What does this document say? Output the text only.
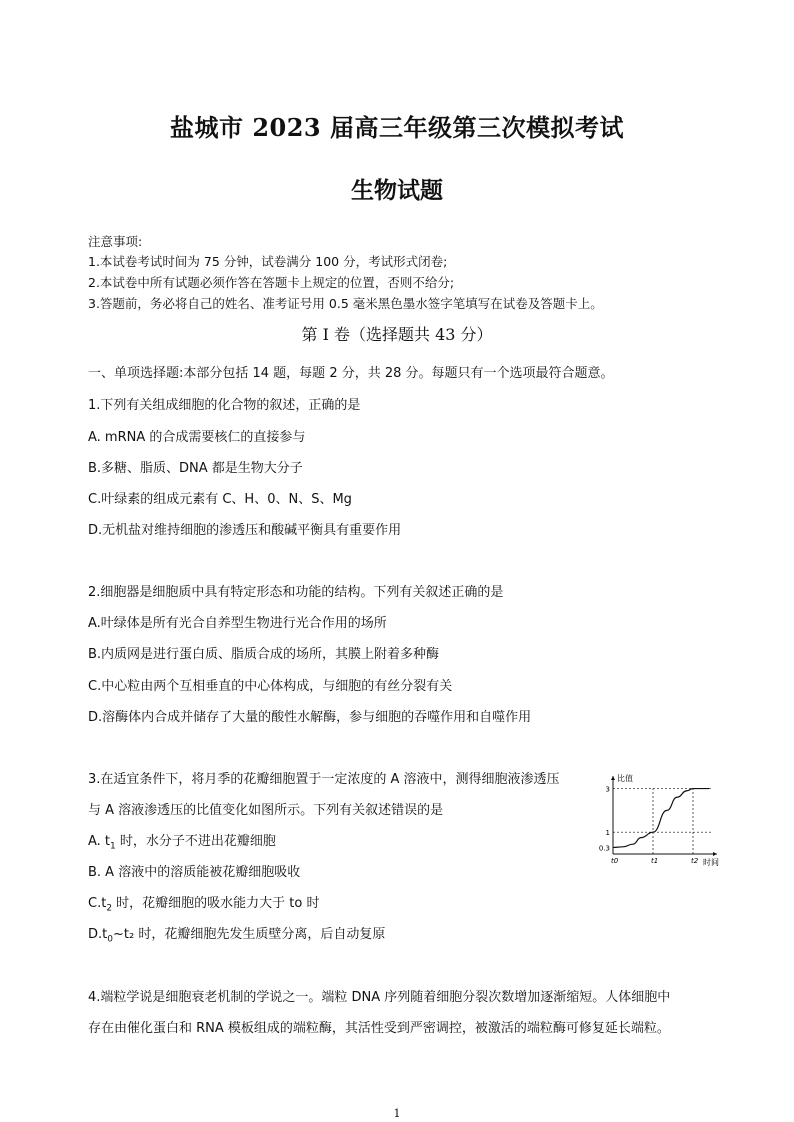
盐城市 2023 届高三年级第三次模拟考试
生物试题
注意事项:
1.本试卷考试时间为 75 分钟，试卷满分 100 分，考试形式闭卷;
2.本试卷中所有试题必须作答在答题卡上规定的位置，否则不给分;
3.答题前，务必将自己的姓名、准考证号用 0.5 毫米黑色墨水签字笔填写在试卷及答题卡上。
第 I 卷（选择题共 43 分）
一、单项选择题:本部分包括 14 题，每题 2 分，共 28 分。每题只有一个选项最符合题意。
1.下列有关组成细胞的化合物的叙述，正确的是
A. mRNA 的合成需要核仁的直接参与
B.多糖、脂质、DNA 都是生物大分子
C.叶绿素的组成元素有 C、H、0、N、S、Mg
D.无机盐对维持细胞的渗透压和酸碱平衡具有重要作用
2.细胞器是细胞质中具有特定形态和功能的结构。下列有关叙述正确的是
A.叶绿体是所有光合自养型生物进行光合作用的场所
B.内质网是进行蛋白质、脂质合成的场所，其膜上附着多种酶
C.中心粒由两个互相垂直的中心体构成，与细胞的有丝分裂有关
D.溶酶体内合成并储存了大量的酸性水解酶，参与细胞的吞噬作用和自噬作用
3.在适宜条件下，将月季的花瓣细胞置于一定浓度的 A 溶液中，测得细胞液渗透压
与 A 溶液渗透压的比值变化如图所示。下列有关叙述错误的是
A. $t_1$ 时，水分子不进出花瓣细胞
B. A 溶液中的溶质能被花瓣细胞吸收
$C.t_2$ 时，花瓣细胞的吸水能力大于 to 时
$D.t_0\sim t_2$ 时，花瓣细胞先发生质壁分离，后自动复原
比值
时间
3
1
0.3
t0	t1	t2
4.端粒学说是细胞衰老机制的学说之一。端粒 DNA 序列随着细胞分裂次数增加逐渐缩短。人体细胞中
存在由催化蛋白和 RNA 模板组成的端粒酶，其活性受到严密调控，被激活的端粒酶可修复延长端粒。
1
